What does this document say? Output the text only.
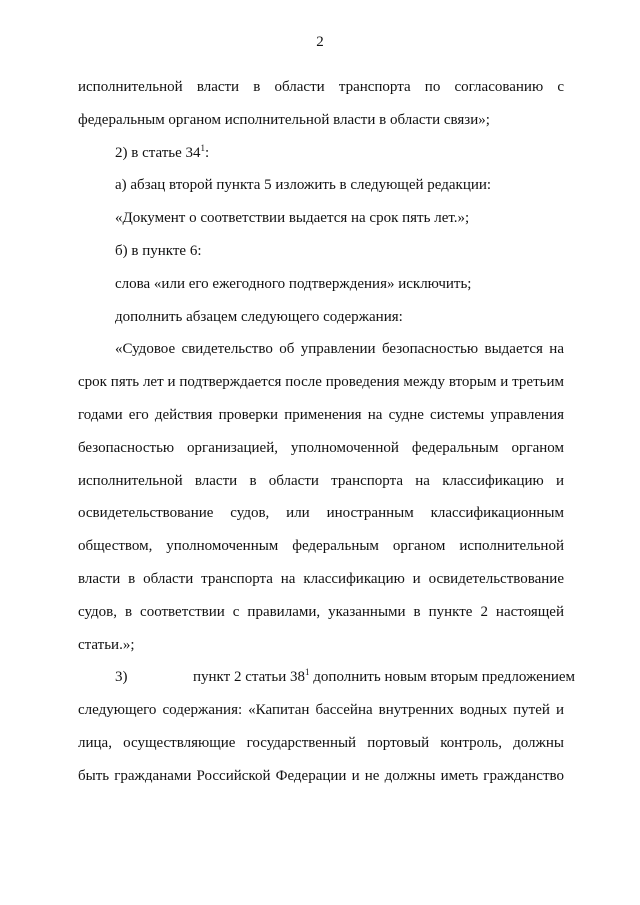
2
исполнительной власти в области транспорта по согласованию с
федеральным органом исполнительной власти в области связи»;
2) в статье $34^1$:
а) абзац второй пункта 5 изложить в следующей редакции:
«Документ о соответствии выдается на срок пять лет.»;
б) в пункте 6:
слова «или его ежегодного подтверждения» исключить;
дополнить абзацем следующего содержания:
«Судовое свидетельство об управлении безопасностью выдается на
срок пять лет и подтверждается после проведения между вторым и третьим
годами его действия проверки применения на судне системы управления
безопасностью организацией, уполномоченной федеральным органом
исполнительной власти в области транспорта на классификацию и
освидетельствование судов, или иностранным классификационным
обществом, уполномоченным федеральным органом исполнительной
власти в области транспорта на классификацию и освидетельствование
судов, в соответствии с правилами, указанными в пункте 2 настоящей
статьи.»;
3)	пункт 2 статьи $38^1$ дополнить новым вторым предложением
следующего содержания: «Капитан бассейна внутренних водных путей и
лица, осуществляющие государственный портовый контроль, должны
быть гражданами Российской Федерации и не должны иметь гражданство
